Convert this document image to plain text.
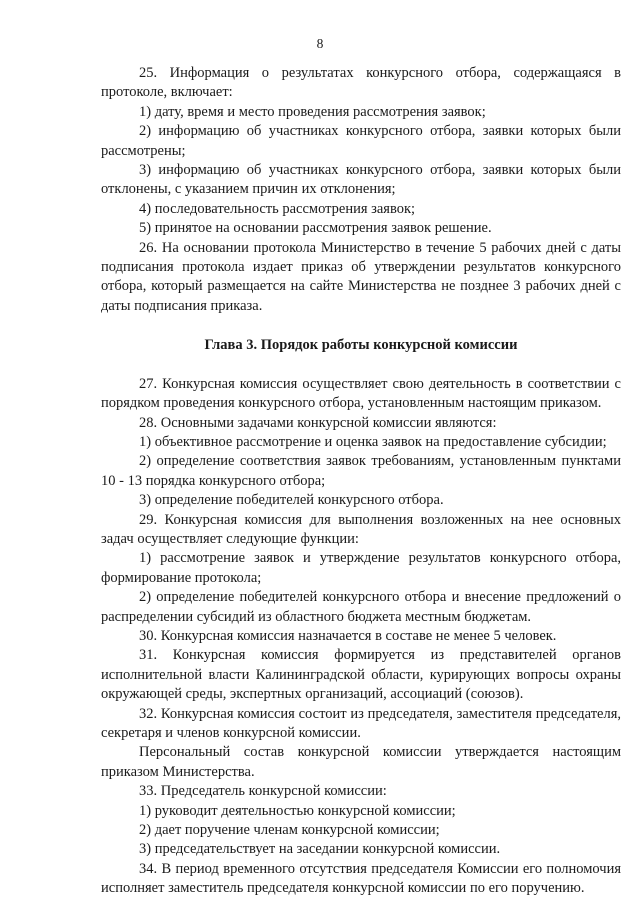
8

25. Информация о результатах конкурсного отбора, содержащаяся в протоколе, включает:

1) дату, время и место проведения рассмотрения заявок;

2) информацию об участниках конкурсного отбора, заявки которых были рассмотрены;

3) информацию об участниках конкурсного отбора, заявки которых были отклонены, с указанием причин их отклонения;

4) последовательность рассмотрения заявок;

5) принятое на основании рассмотрения заявок решение.

26. На основании протокола Министерство в течение 5 рабочих дней с даты подписания протокола издает приказ об утверждении результатов конкурсного отбора, который размещается на сайте Министерства не позднее 3 рабочих дней с даты подписания приказа.

Глава 3. Порядок работы конкурсной комиссии

27. Конкурсная комиссия осуществляет свою деятельность в соответствии с порядком проведения конкурсного отбора, установленным настоящим приказом.

28. Основными задачами конкурсной комиссии являются:

1) объективное рассмотрение и оценка заявок на предоставление субсидии;

2) определение соответствия заявок требованиям, установленным пунктами 10 - 13 порядка конкурсного отбора;

3) определение победителей конкурсного отбора.

29. Конкурсная комиссия для выполнения возложенных на нее основных задач осуществляет следующие функции:

1) рассмотрение заявок и утверждение результатов конкурсного отбора, формирование протокола;

2) определение победителей конкурсного отбора и внесение предложений о распределении субсидий из областного бюджета местным бюджетам.

30. Конкурсная комиссия назначается в составе не менее 5 человек.

31. Конкурсная комиссия формируется из представителей органов исполнительной власти Калининградской области, курирующих вопросы охраны окружающей среды, экспертных организаций, ассоциаций (союзов).

32. Конкурсная комиссия состоит из председателя, заместителя председателя, секретаря и членов конкурсной комиссии.

Персональный состав конкурсной комиссии утверждается настоящим приказом Министерства.

33. Председатель конкурсной комиссии:

1) руководит деятельностью конкурсной комиссии;

2) дает поручение членам конкурсной комиссии;

3) председательствует на заседании конкурсной комиссии.

34. В период временного отсутствия председателя Комиссии его полномочия исполняет заместитель председателя конкурсной комиссии по его поручению.
